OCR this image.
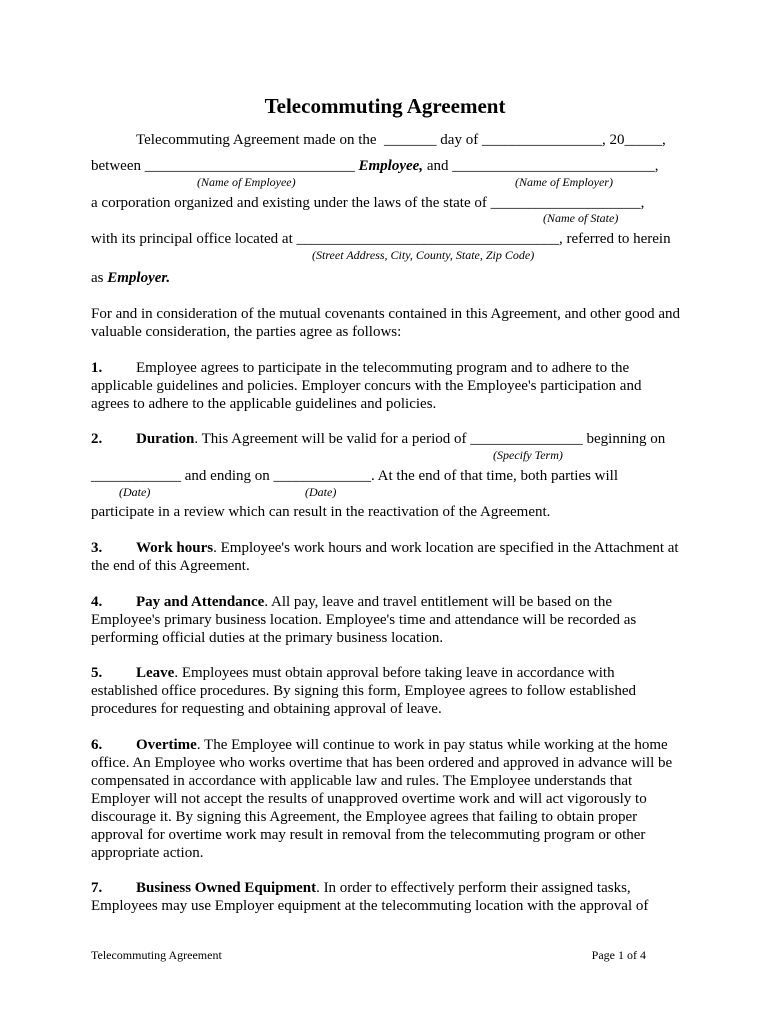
Telecommuting Agreement
Telecommuting Agreement made on the  _______ day of ________________, 20_____,
between ____________________________ Employee, and ___________________________,
(Name of Employee)	(Name of Employer)
a corporation organized and existing under the laws of the state of ____________________,
(Name of State)
with its principal office located at ___________________________________, referred to herein
(Street Address, City, County, State, Zip Code)
as Employer.
For and in consideration of the mutual covenants contained in this Agreement, and other good and valuable consideration, the parties agree as follows:
1. Employee agrees to participate in the telecommuting program and to adhere to the applicable guidelines and policies. Employer concurs with the Employee's participation and agrees to adhere to the applicable guidelines and policies.
2. Duration. This Agreement will be valid for a period of _______________ beginning on
(Specify Term)
____________ and ending on _____________. At the end of that time, both parties will
(Date)	(Date)
participate in a review which can result in the reactivation of the Agreement.
3. Work hours. Employee's work hours and work location are specified in the Attachment at the end of this Agreement.
4. Pay and Attendance. All pay, leave and travel entitlement will be based on the Employee's primary business location. Employee's time and attendance will be recorded as performing official duties at the primary business location.
5. Leave. Employees must obtain approval before taking leave in accordance with established office procedures. By signing this form, Employee agrees to follow established procedures for requesting and obtaining approval of leave.
6. Overtime. The Employee will continue to work in pay status while working at the home office. An Employee who works overtime that has been ordered and approved in advance will be compensated in accordance with applicable law and rules. The Employee understands that Employer will not accept the results of unapproved overtime work and will act vigorously to discourage it. By signing this Agreement, the Employee agrees that failing to obtain proper approval for overtime work may result in removal from the telecommuting program or other appropriate action.
7. Business Owned Equipment. In order to effectively perform their assigned tasks, Employees may use Employer equipment at the telecommuting location with the approval of
Telecommuting Agreement	Page 1 of 4
